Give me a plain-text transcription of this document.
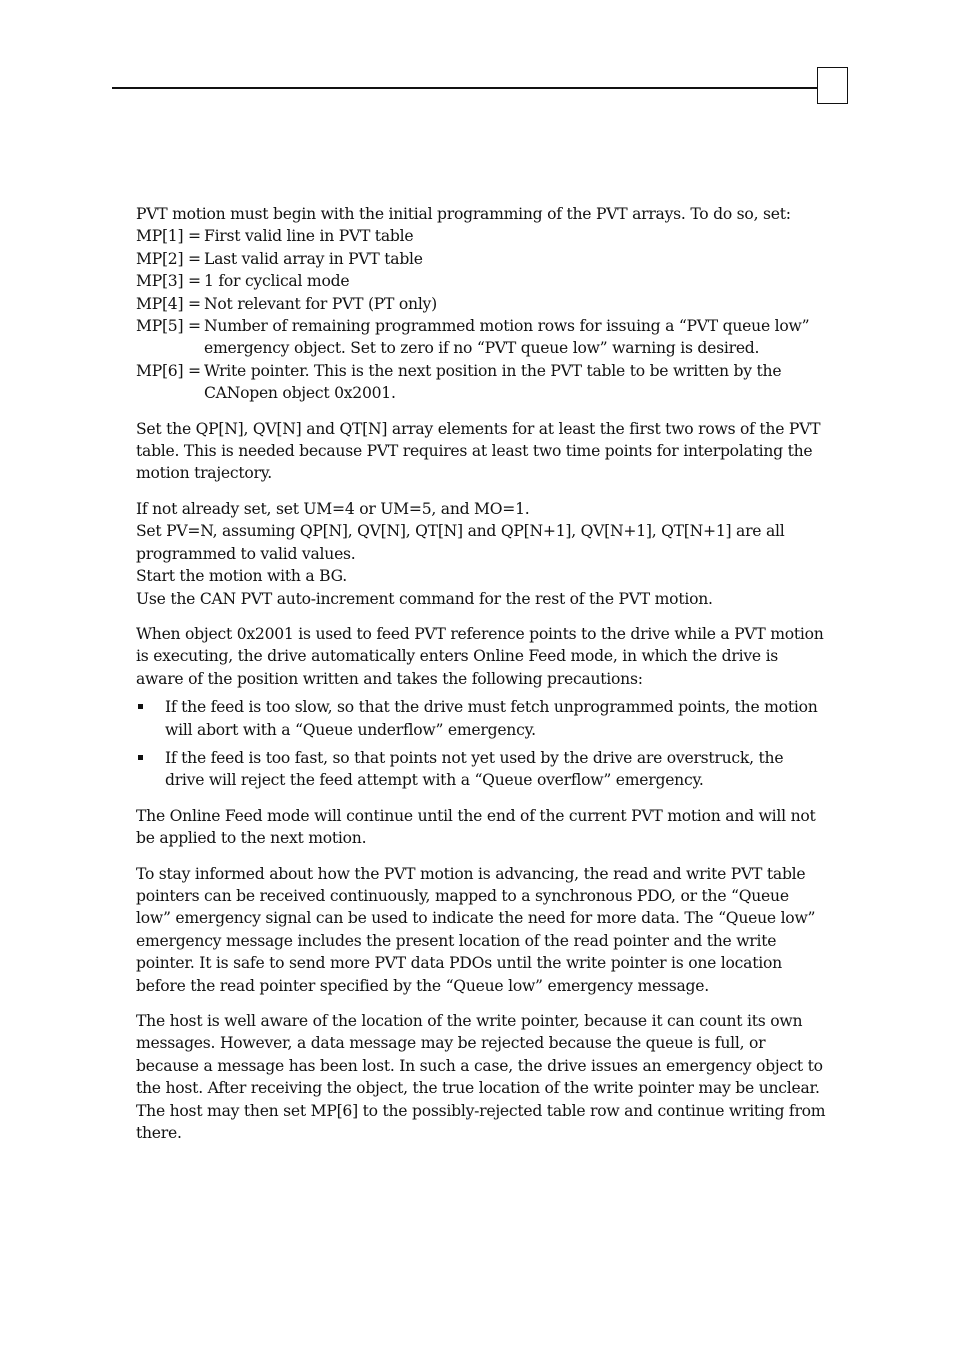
PVT motion must begin with the initial programming of the PVT arrays. To do so, set:

MP[1] = First valid line in PVT table
MP[2] = Last valid array in PVT table
MP[3] = 1 for cyclical mode
MP[4] = Not relevant for PVT (PT only)
MP[5] = Number of remaining programmed motion rows for issuing a “PVT queue low” emergency object. Set to zero if no “PVT queue low” warning is desired.
MP[6] = Write pointer. This is the next position in the PVT table to be written by the CANopen object 0x2001.

Set the QP[N], QV[N] and QT[N] array elements for at least the first two rows of the PVT table. This is needed because PVT requires at least two time points for interpolating the motion trajectory.

If not already set, set UM=4 or UM=5, and MO=1.
Set PV=N, assuming QP[N], QV[N], QT[N] and QP[N+1], QV[N+1], QT[N+1] are all programmed to valid values.
Start the motion with a BG.
Use the CAN PVT auto-increment command for the rest of the PVT motion.

When object 0x2001 is used to feed PVT reference points to the drive while a PVT motion is executing, the drive automatically enters Online Feed mode, in which the drive is aware of the position written and takes the following precautions:

If the feed is too slow, so that the drive must fetch unprogrammed points, the motion will abort with a “Queue underflow” emergency.
If the feed is too fast, so that points not yet used by the drive are overstruck, the drive will reject the feed attempt with a “Queue overflow” emergency.

The Online Feed mode will continue until the end of the current PVT motion and will not be applied to the next motion.

To stay informed about how the PVT motion is advancing, the read and write PVT table pointers can be received continuously, mapped to a synchronous PDO, or the “Queue low” emergency signal can be used to indicate the need for more data. The “Queue low” emergency message includes the present location of the read pointer and the write pointer. It is safe to send more PVT data PDOs until the write pointer is one location before the read pointer specified by the “Queue low” emergency message.

The host is well aware of the location of the write pointer, because it can count its own messages. However, a data message may be rejected because the queue is full, or because a message has been lost. In such a case, the drive issues an emergency object to the host. After receiving the object, the true location of the write pointer may be unclear. The host may then set MP[6] to the possibly-rejected table row and continue writing from there.
